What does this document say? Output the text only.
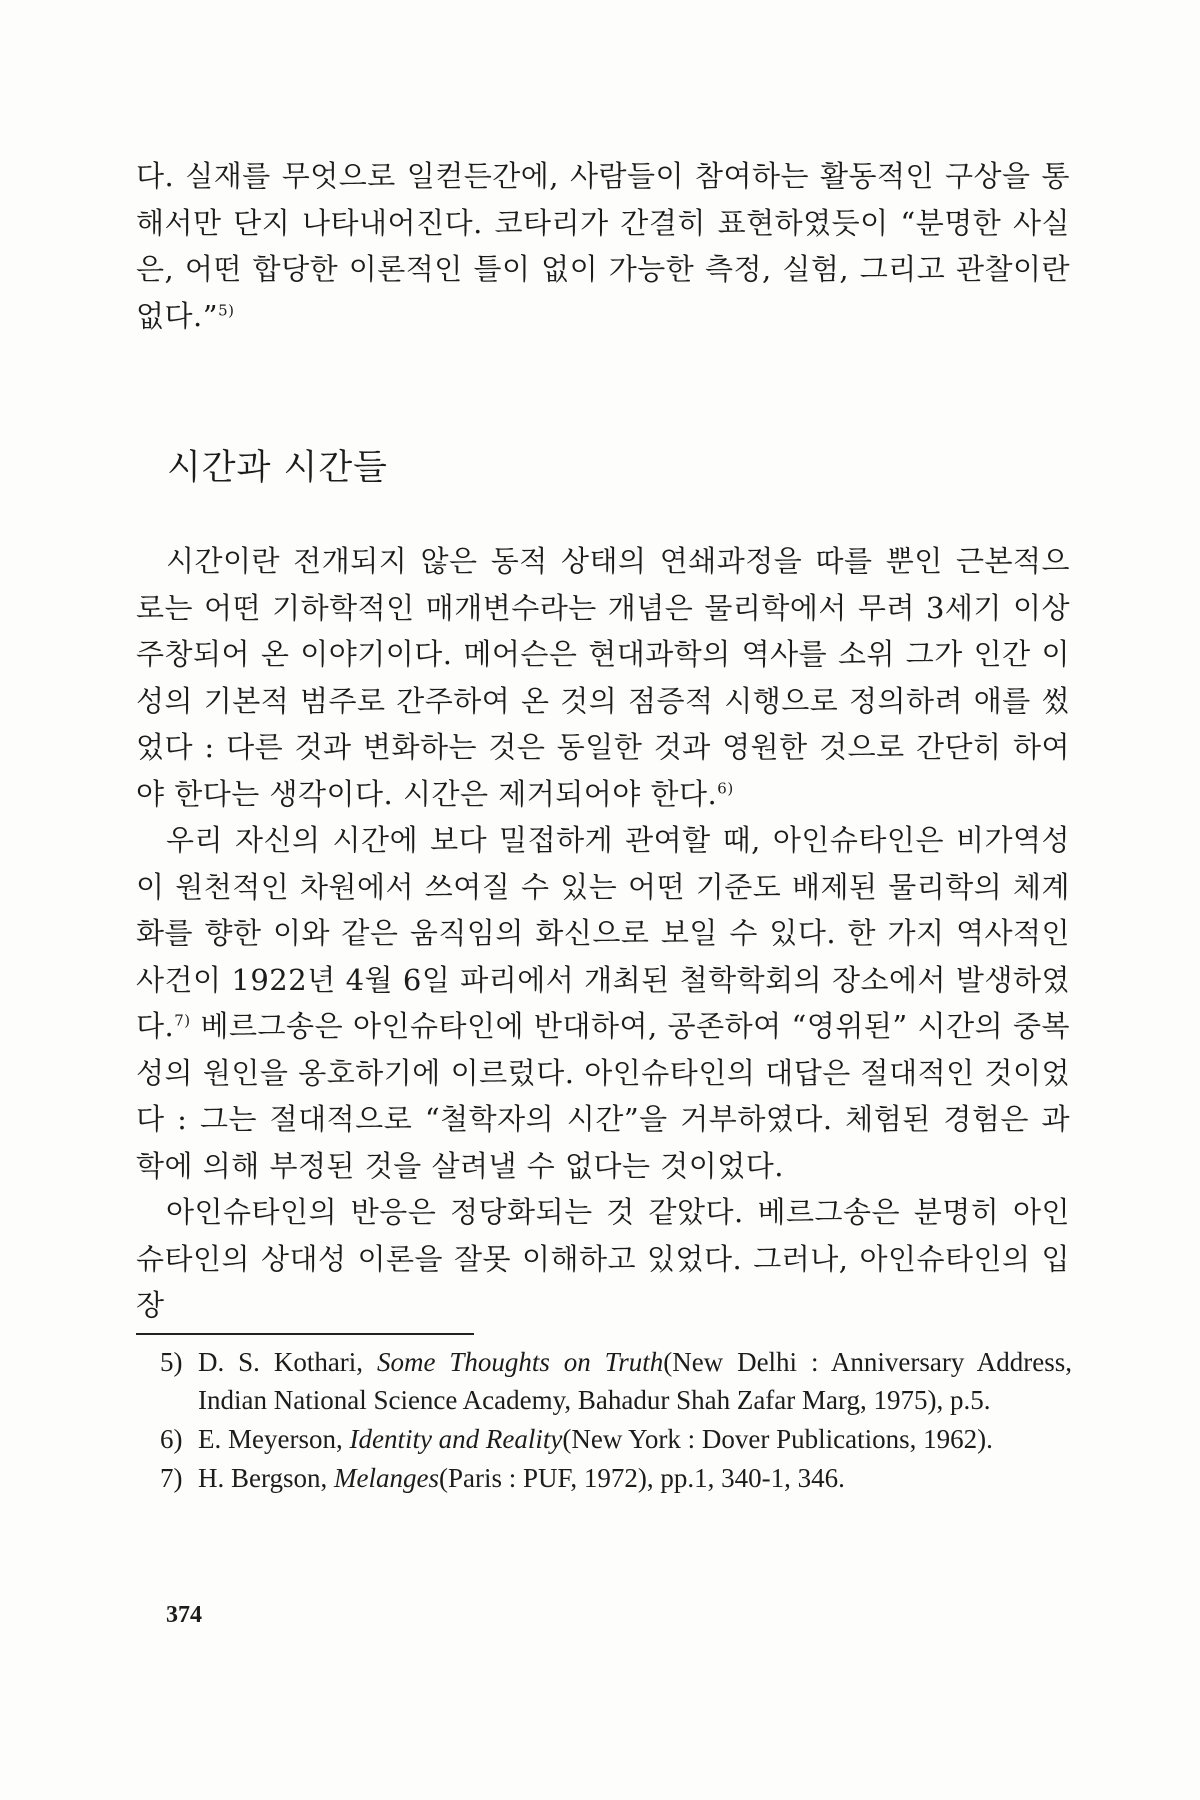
다. 실재를 무엇으로 일컫든간에, 사람들이 참여하는 활동적인 구상을 통해서만 단지 나타내어진다. 코타리가 간결히 표현하였듯이 “분명한 사실은, 어떤 합당한 이론적인 틀이 없이 가능한 측정, 실험, 그리고 관찰이란 없다.”$^{5)}$

시간과 시간들

시간이란 전개되지 않은 동적 상태의 연쇄과정을 따를 뿐인 근본적으로는 어떤 기하학적인 매개변수라는 개념은 물리학에서 무려 3세기 이상 주창되어 온 이야기이다. 메어슨은 현대과학의 역사를 소위 그가 인간 이성의 기본적 범주로 간주하여 온 것의 점증적 시행으로 정의하려 애를 썼었다 : 다른 것과 변화하는 것은 동일한 것과 영원한 것으로 간단히 하여야 한다는 생각이다. 시간은 제거되어야 한다.$^{6)}$

우리 자신의 시간에 보다 밀접하게 관여할 때, 아인슈타인은 비가역성이 원천적인 차원에서 쓰여질 수 있는 어떤 기준도 배제된 물리학의 체계화를 향한 이와 같은 움직임의 화신으로 보일 수 있다. 한 가지 역사적인 사건이 1922년 4월 6일 파리에서 개최된 철학학회의 장소에서 발생하였다.$^{7)}$ 베르그송은 아인슈타인에 반대하여, 공존하여 “영위된” 시간의 중복성의 원인을 옹호하기에 이르렀다. 아인슈타인의 대답은 절대적인 것이었다 : 그는 절대적으로 “철학자의 시간”을 거부하였다. 체험된 경험은 과학에 의해 부정된 것을 살려낼 수 없다는 것이었다.

아인슈타인의 반응은 정당화되는 것 같았다. 베르그송은 분명히 아인슈타인의 상대성 이론을 잘못 이해하고 있었다. 그러나, 아인슈타인의 입장

5) D. S. Kothari, Some Thoughts on Truth(New Delhi : Anniversary Address, Indian National Science Academy, Bahadur Shah Zafar Marg, 1975), p.5.

6) E. Meyerson, Identity and Reality(New York : Dover Publications, 1962).

7) H. Bergson, Melanges(Paris : PUF, 1972), pp.1, 340-1, 346.

374
